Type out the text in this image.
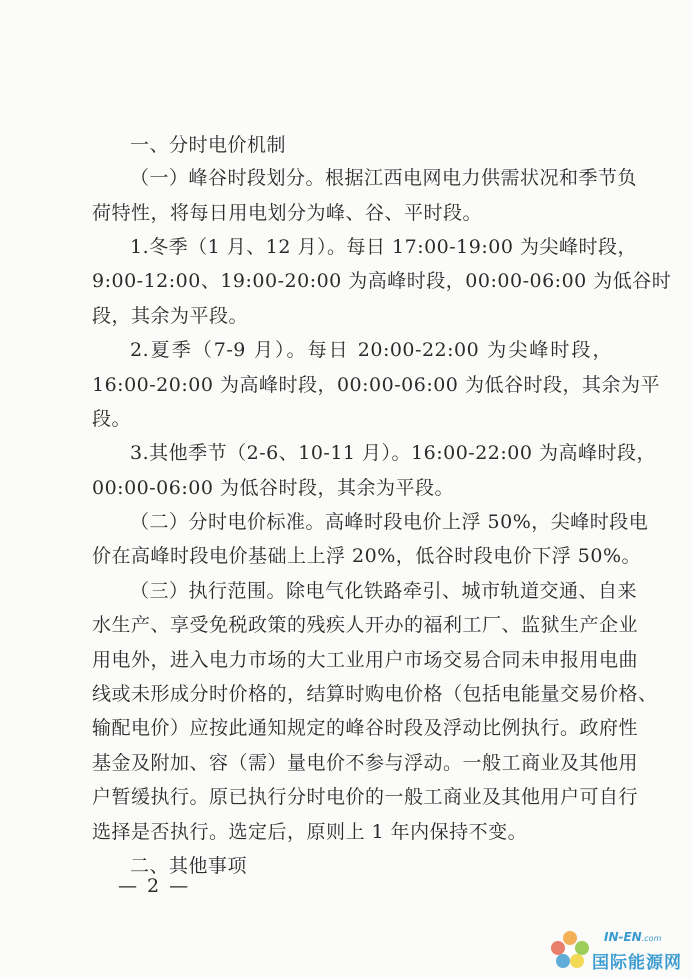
一、分时电价机制
（一）峰谷时段划分。根据江西电网电力供需状况和季节负
荷特性，将每日用电划分为峰、谷、平时段。
1.冬季（1 月、12 月）。每日 17:00-19:00 为尖峰时段，
9:00-12:00、19:00-20:00 为高峰时段，00:00-06:00 为低谷时
段，其余为平段。
2.夏季（7-9 月）。每日 20:00-22:00 为尖峰时段，
16:00-20:00 为高峰时段，00:00-06:00 为低谷时段，其余为平
段。
3.其他季节（2-6、10-11 月）。16:00-22:00 为高峰时段，
00:00-06:00 为低谷时段，其余为平段。
（二）分时电价标准。高峰时段电价上浮 50%，尖峰时段电
价在高峰时段电价基础上上浮 20%，低谷时段电价下浮 50%。
（三）执行范围。除电气化铁路牵引、城市轨道交通、自来
水生产、享受免税政策的残疾人开办的福利工厂、监狱生产企业
用电外，进入电力市场的大工业用户市场交易合同未申报用电曲
线或未形成分时价格的，结算时购电价格（包括电能量交易价格、
输配电价）应按此通知规定的峰谷时段及浮动比例执行。政府性
基金及附加、容（需）量电价不参与浮动。一般工商业及其他用
户暂缓执行。原已执行分时电价的一般工商业及其他用户可自行
选择是否执行。选定后，原则上 1 年内保持不变。
二、其他事项
— 2 —
IN-EN.com
国际能源网
